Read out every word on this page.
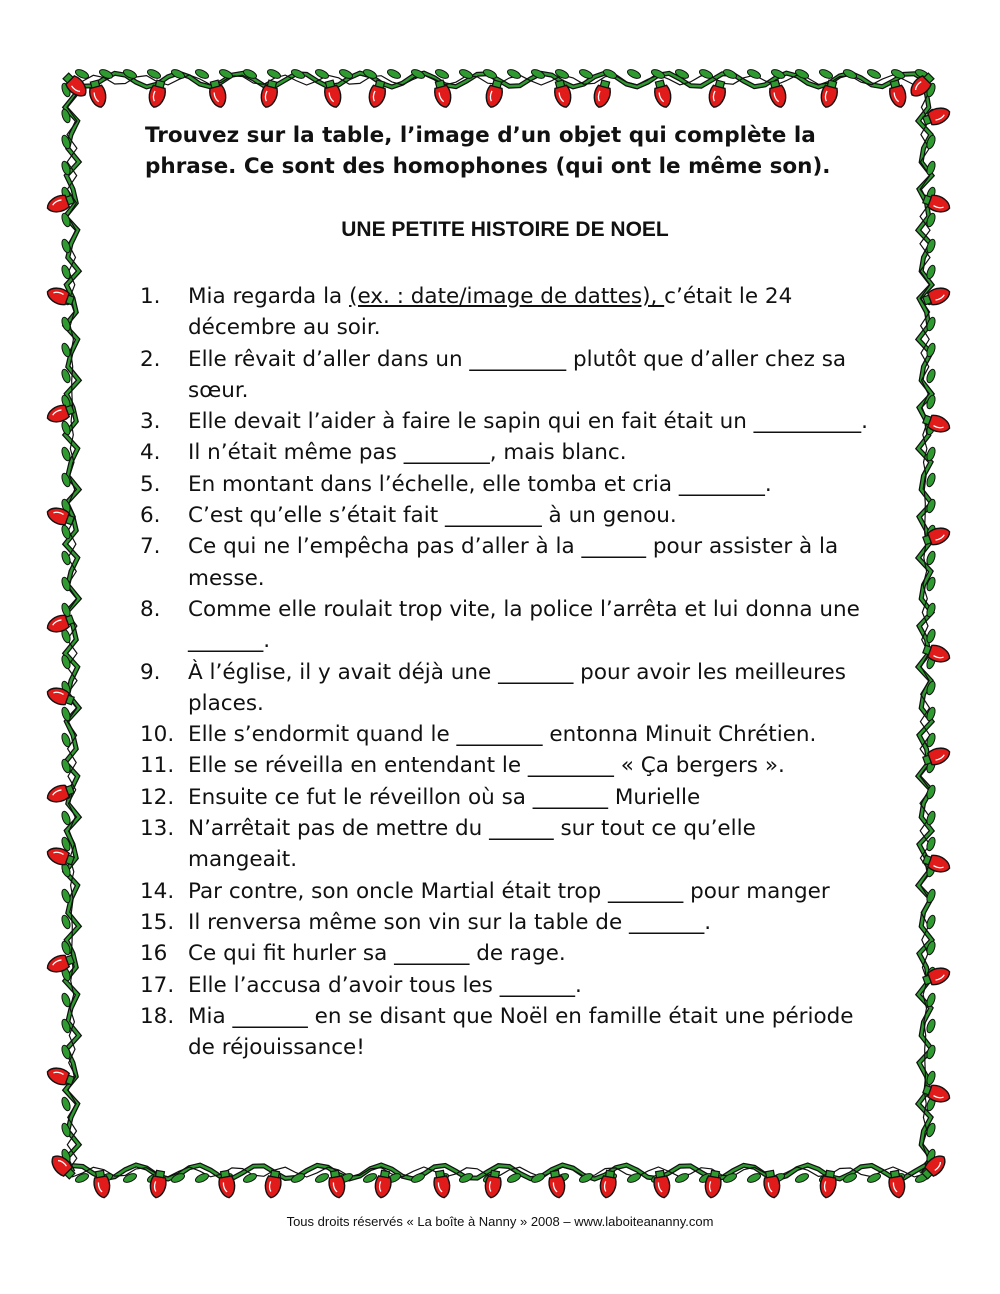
Trouvez sur la table, l’image d’un objet qui complète la phrase. Ce sont des homophones (qui ont le même son).
UNE PETITE HISTOIRE DE NOEL
1.	Mia regarda la (ex. : date/image de dattes), c’était le 24 décembre au soir.
2.	Elle rêvait d’aller dans un _________ plutôt que d’aller chez sa sœur.
3.	Elle devait l’aider à faire le sapin qui en fait était un __________.
4.	Il n’était même pas ________, mais blanc.
5.	En montant dans l’échelle, elle tomba et cria ________.
6.	C’est qu’elle s’était fait _________ à un genou.
7.	Ce qui ne l’empêcha pas d’aller à la ______ pour assister à la messe.
8.	Comme elle roulait trop vite, la police l’arrêta et lui donna une _______.
9.	À l’église, il y avait déjà une _______ pour avoir les meilleures places.
10. Elle s’endormit quand le ________ entonna Minuit Chrétien.
11. Elle se réveilla en entendant le ________ « Ça bergers ».
12. Ensuite ce fut le réveillon où sa _______ Murielle
13. N’arrêtait pas de mettre du ______ sur tout ce qu’elle mangeait.
14. Par contre, son oncle Martial était trop _______ pour manger
15. Il renversa même son vin sur la table de _______.
16 Ce qui fit hurler sa _______ de rage.
17. Elle l’accusa d’avoir tous les _______.
18. Mia _______ en se disant que Noël en famille était une période de réjouissance!
Tous droits réservés « La boîte à Nanny » 2008 – www.laboiteananny.com
